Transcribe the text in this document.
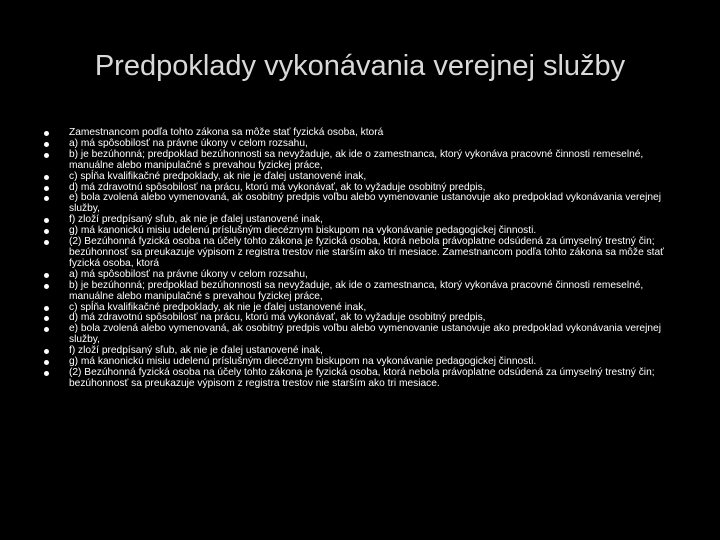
Predpoklady vykonávania verejnej služby
Zamestnancom podľa tohto zákona sa môže stať fyzická osoba, ktorá
a) má spôsobilosť na právne úkony v celom rozsahu,
b) je bezúhonná; predpoklad bezúhonnosti sa nevyžaduje, ak ide o zamestnanca, ktorý vykonáva pracovné činnosti remeselné, manuálne alebo manipulačné s prevahou fyzickej práce,
c) spĺňa kvalifikačné predpoklady, ak nie je ďalej ustanovené inak,
d) má zdravotnú spôsobilosť na prácu, ktorú má vykonávať, ak to vyžaduje osobitný predpis,
e) bola zvolená alebo vymenovaná, ak osobitný predpis voľbu alebo vymenovanie ustanovuje ako predpoklad vykonávania verejnej služby,
f) zloží predpísaný sľub, ak nie je ďalej ustanovené inak,
g) má kanonickú misiu udelenú príslušným diecéznym biskupom na vykonávanie pedagogickej činnosti.
(2) Bezúhonná fyzická osoba na účely tohto zákona je fyzická osoba, ktorá nebola právoplatne odsúdená za úmyselný trestný čin; bezúhonnosť sa preukazuje výpisom z registra trestov nie starším ako tri mesiace. Zamestnancom podľa tohto zákona sa môže stať fyzická osoba, ktorá
a) má spôsobilosť na právne úkony v celom rozsahu,
b) je bezúhonná; predpoklad bezúhonnosti sa nevyžaduje, ak ide o zamestnanca, ktorý vykonáva pracovné činnosti remeselné, manuálne alebo manipulačné s prevahou fyzickej práce,
c) spĺňa kvalifikačné predpoklady, ak nie je ďalej ustanovené inak,
d) má zdravotnú spôsobilosť na prácu, ktorú má vykonávať, ak to vyžaduje osobitný predpis,
e) bola zvolená alebo vymenovaná, ak osobitný predpis voľbu alebo vymenovanie ustanovuje ako predpoklad vykonávania verejnej služby,
f) zloží predpísaný sľub, ak nie je ďalej ustanovené inak,
g) má kanonickú misiu udelenú príslušným diecéznym biskupom na vykonávanie pedagogickej činnosti.
(2) Bezúhonná fyzická osoba na účely tohto zákona je fyzická osoba, ktorá nebola právoplatne odsúdená za úmyselný trestný čin; bezúhonnosť sa preukazuje výpisom z registra trestov nie starším ako tri mesiace.
